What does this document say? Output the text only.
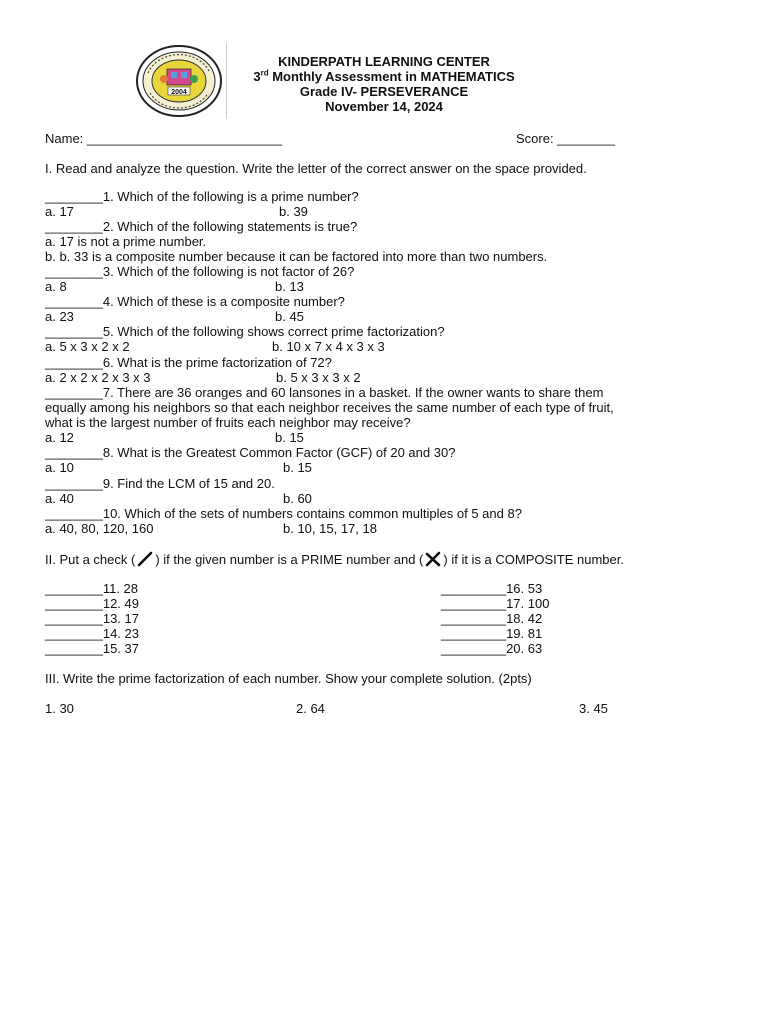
2004
KINDERPATH LEARNING CENTER
3rd Monthly Assessment in MATHEMATICS
Grade IV- PERSEVERANCE
November 14, 2024
Name: ___________________________	Score: ________
I. Read and analyze the question. Write the letter of the correct answer on the space provided.
________1. Which of the following is a prime number?
a. 17	b. 39
________2. Which of the following statements is true?
a. 17 is not a prime number.
b. b. 33 is a composite number because it can be factored into more than two numbers.
________3. Which of the following is not factor of 26?
a. 8	b. 13
________4. Which of these is a composite number?
a. 23	b. 45
________5. Which of the following shows correct prime factorization?
a. 5 x 3 x 2 x 2	b. 10 x 7 x 4 x 3 x 3
________6. What is the prime factorization of 72?
a. 2 x 2 x 2 x 3 x 3	b. 5 x 3 x 3 x 2
________7. There are 36 oranges and 60 lansones in a basket. If the owner wants to share them
equally among his neighbors so that each neighbor receives the same number of each type of fruit,
what is the largest number of fruits each neighbor may receive?
a. 12	b. 15
________8. What is the Greatest Common Factor (GCF) of 20 and 30?
a. 10	b. 15
________9. Find the LCM of 15 and 20.
a. 40	b. 60
________10. Which of the sets of numbers contains common multiples of 5 and 8?
a. 40, 80, 120, 160	b. 10, 15, 17, 18
II. Put a check ( ) if the given number is a PRIME number and ( ) if it is a COMPOSITE number.
________11. 28
________12. 49
________13. 17
________14. 23
________15. 37
_________16. 53
_________17. 100
_________18. 42
_________19. 81
_________20. 63
III. Write the prime factorization of each number. Show your complete solution. (2pts)
1. 30	2. 64	3. 45
